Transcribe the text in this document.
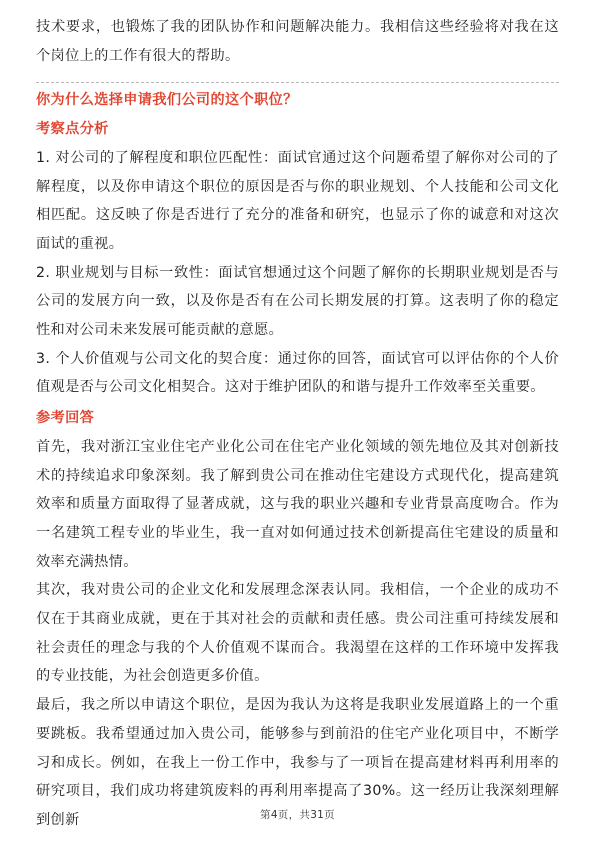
技术要求，也锻炼了我的团队协作和问题解决能力。我相信这些经验将对我在这个岗位上的工作有很大的帮助。

你为什么选择申请我们公司的这个职位？

考察点分析

1. 对公司的了解程度和职位匹配性：面试官通过这个问题希望了解你对公司的了解程度，以及你申请这个职位的原因是否与你的职业规划、个人技能和公司文化相匹配。这反映了你是否进行了充分的准备和研究，也显示了你的诚意和对这次面试的重视。

2. 职业规划与目标一致性：面试官想通过这个问题了解你的长期职业规划是否与公司的发展方向一致，以及你是否有在公司长期发展的打算。这表明了你的稳定性和对公司未来发展可能贡献的意愿。

3. 个人价值观与公司文化的契合度：通过你的回答，面试官可以评估你的个人价值观是否与公司文化相契合。这对于维护团队的和谐与提升工作效率至关重要。

参考回答

首先，我对浙江宝业住宅产业化公司在住宅产业化领域的领先地位及其对创新技术的持续追求印象深刻。我了解到贵公司在推动住宅建设方式现代化，提高建筑效率和质量方面取得了显著成就，这与我的职业兴趣和专业背景高度吻合。作为一名建筑工程专业的毕业生，我一直对如何通过技术创新提高住宅建设的质量和效率充满热情。

其次，我对贵公司的企业文化和发展理念深表认同。我相信，一个企业的成功不仅在于其商业成就，更在于其对社会的贡献和责任感。贵公司注重可持续发展和社会责任的理念与我的个人价值观不谋而合。我渴望在这样的工作环境中发挥我的专业技能，为社会创造更多价值。

最后，我之所以申请这个职位，是因为我认为这将是我职业发展道路上的一个重要跳板。我希望通过加入贵公司，能够参与到前沿的住宅产业化项目中，不断学习和成长。例如，在我上一份工作中，我参与了一项旨在提高建材料再利用率的研究项目，我们成功将建筑废料的再利用率提高了30%。这一经历让我深刻理解到创新	第4页，共31页
